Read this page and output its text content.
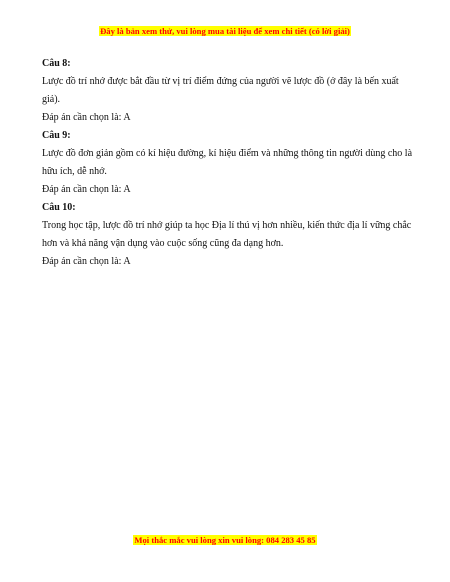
Đây là bản xem thử, vui lòng mua tài liệu để xem chi tiết (có lời giải)

Câu 8:

Lược đồ trí nhớ được bắt đầu từ vị trí điểm đứng của người vẽ lược đồ (ở đây là bến xuất giả).

Đáp án cần chọn là: A

Câu 9:

Lược đồ đơn giản gồm có kí hiệu đường, kí hiệu điểm và những thông tin người dùng cho là hữu ích, dễ nhớ.

Đáp án cần chọn là: A

Câu 10:

Trong học tập, lược đồ trí nhớ giúp ta học Địa lí thú vị hơn nhiều, kiến thức địa lí vững chắc hơn và khả năng vận dụng vào cuộc sống cũng đa dạng hơn.

Đáp án cần chọn là: A

Mọi thắc mắc vui lòng xin vui lòng: 084 283 45 85
